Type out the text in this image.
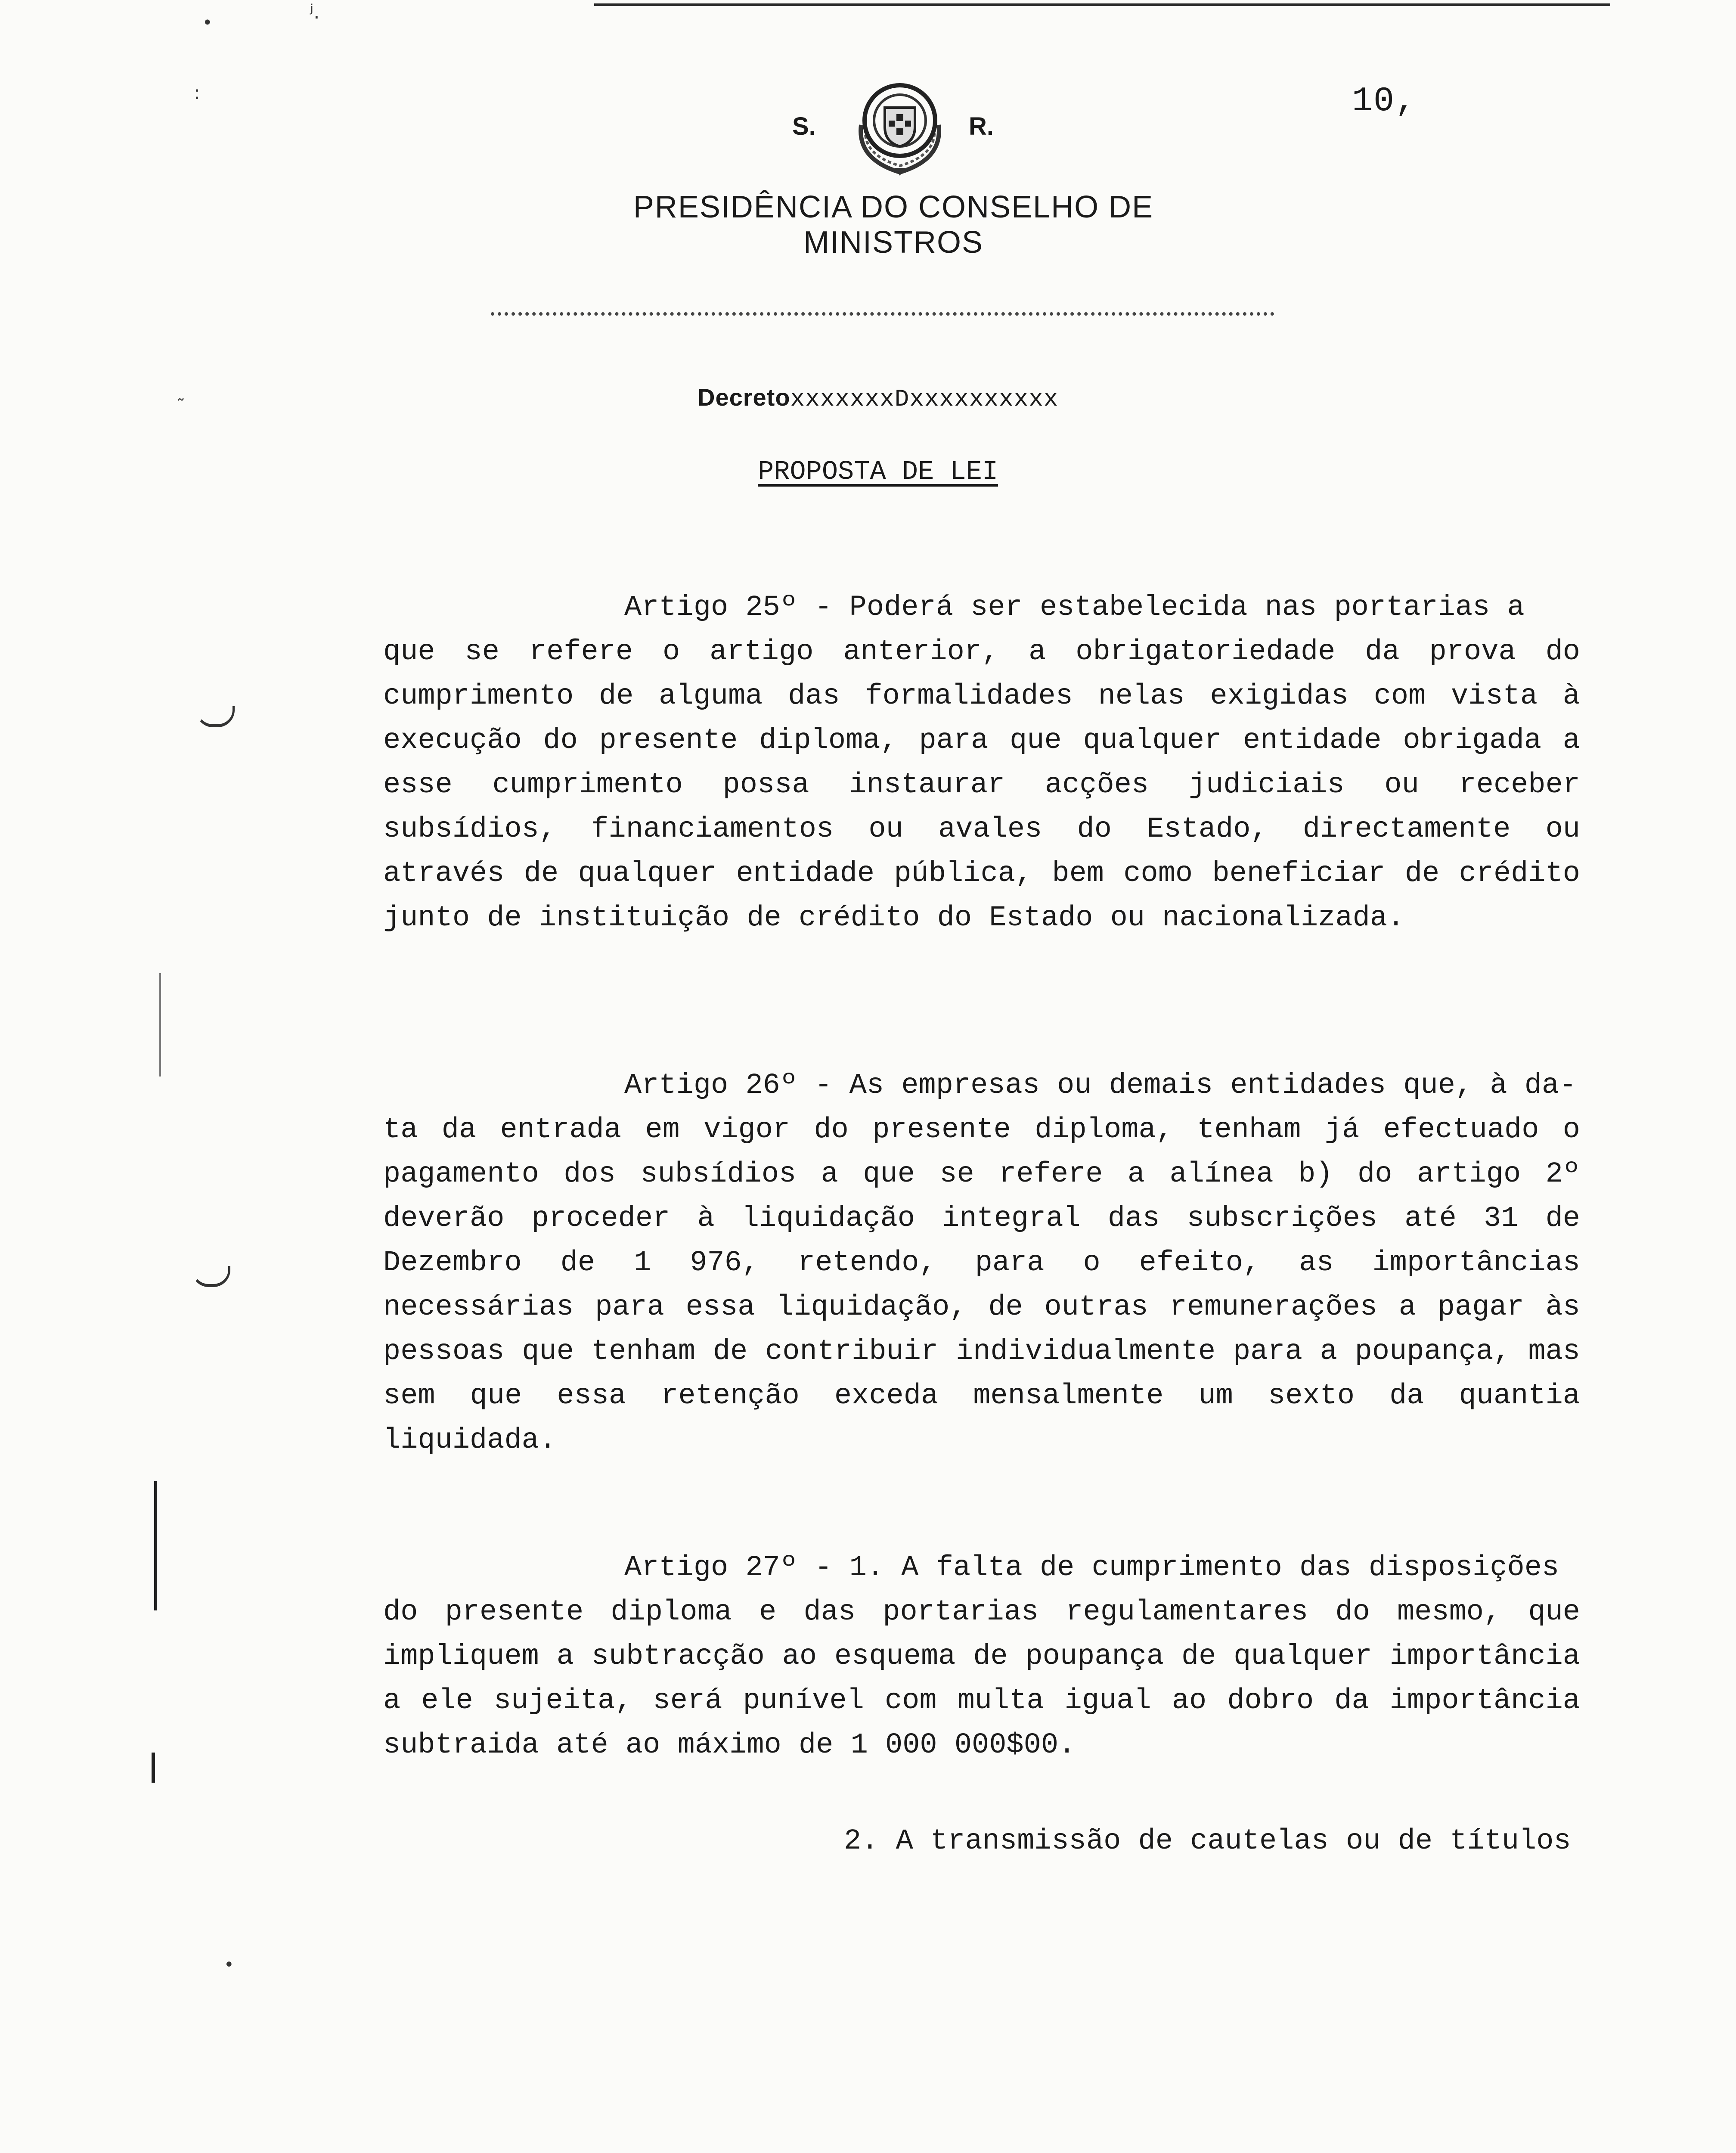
•	ʲ.
:
˜
•
10,
S.	R.
PRESIDÊNCIA DO CONSELHO DE MINISTROS
DecretoxxxxxxxDxxxxxxxxxx
PROPOSTA DE LEI

Artigo 25º - Poderá ser estabelecida nas portarias a
que se refere o artigo anterior, a obrigatoriedade da prova do cumprimento de alguma das formalidades nelas exigidas com vista à execução do presente diploma, para que qualquer entidade obrigada a esse cumprimento possa instaurar acções judiciais ou receber subsídios, financiamentos ou avales do Estado, directamente ou através de qualquer entidade pública, bem como beneficiar de crédito junto de instituição de crédito do Estado ou nacionalizada.

Artigo 26º - As empresas ou demais entidades que, à da-
ta da entrada em vigor do presente diploma, tenham já efectuado o pagamento dos subsídios a que se refere a alínea b) do artigo 2º deverão proceder à liquidação integral das subscrições até 31 de Dezembro de 1 976, retendo, para o efeito, as importâncias necessárias para essa liquidação, de outras remunerações a pagar às pessoas que tenham de contribuir individualmente para a poupança, mas sem que essa retenção exceda mensalmente um sexto da quantia liquidada.

Artigo 27º - 1. A falta de cumprimento das disposições
do presente diploma e das portarias regulamentares do mesmo, que impliquem a subtracção ao esquema de poupança de qualquer importância a ele sujeita, será punível com multa igual ao dobro da importância subtraida até ao máximo de 1 000 000$00.

2. A transmissão de cautelas ou de títulos
